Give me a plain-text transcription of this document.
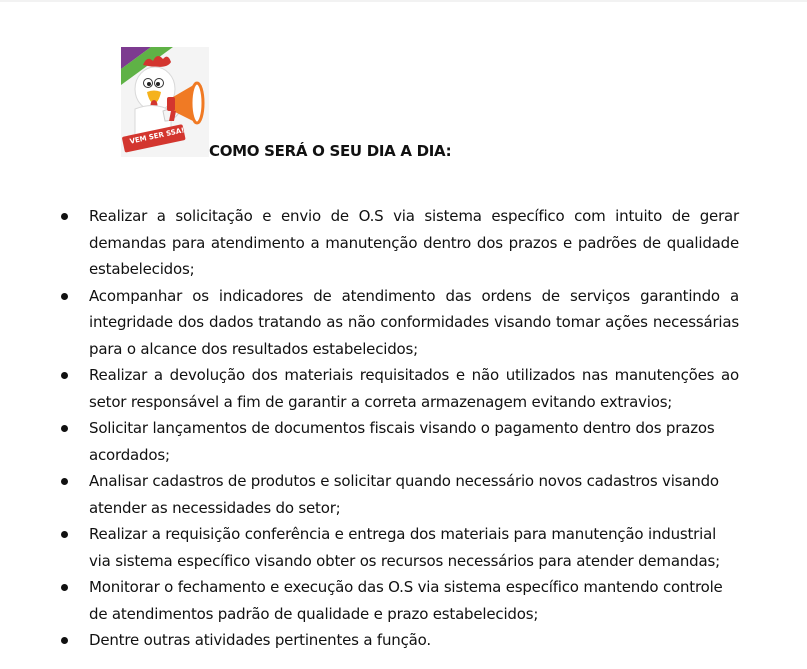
VEM SER SSA!
COMO SERÁ O SEU DIA A DIA:
Realizar a solicitação e envio de O.S via sistema específico com intuito de gerar demandas para atendimento a manutenção dentro dos prazos e padrões de qualidade estabelecidos;
Acompanhar os indicadores de atendimento das ordens de serviços garantindo a integridade dos dados tratando as não conformidades visando tomar ações necessárias para o alcance dos resultados estabelecidos;
Realizar a devolução dos materiais requisitados e não utilizados nas manutenções ao setor responsável a fim de garantir a correta armazenagem evitando extravios;
Solicitar lançamentos de documentos fiscais visando o pagamento dentro dos prazos acordados;
Analisar cadastros de produtos e solicitar quando necessário novos cadastros visando atender as necessidades do setor;
Realizar a requisição conferência e entrega dos materiais para manutenção industrial via sistema específico visando obter os recursos necessários para atender demandas;
Monitorar o fechamento e execução das O.S via sistema específico mantendo controle de atendimentos padrão de qualidade e prazo estabelecidos;
Dentre outras atividades pertinentes a função.
